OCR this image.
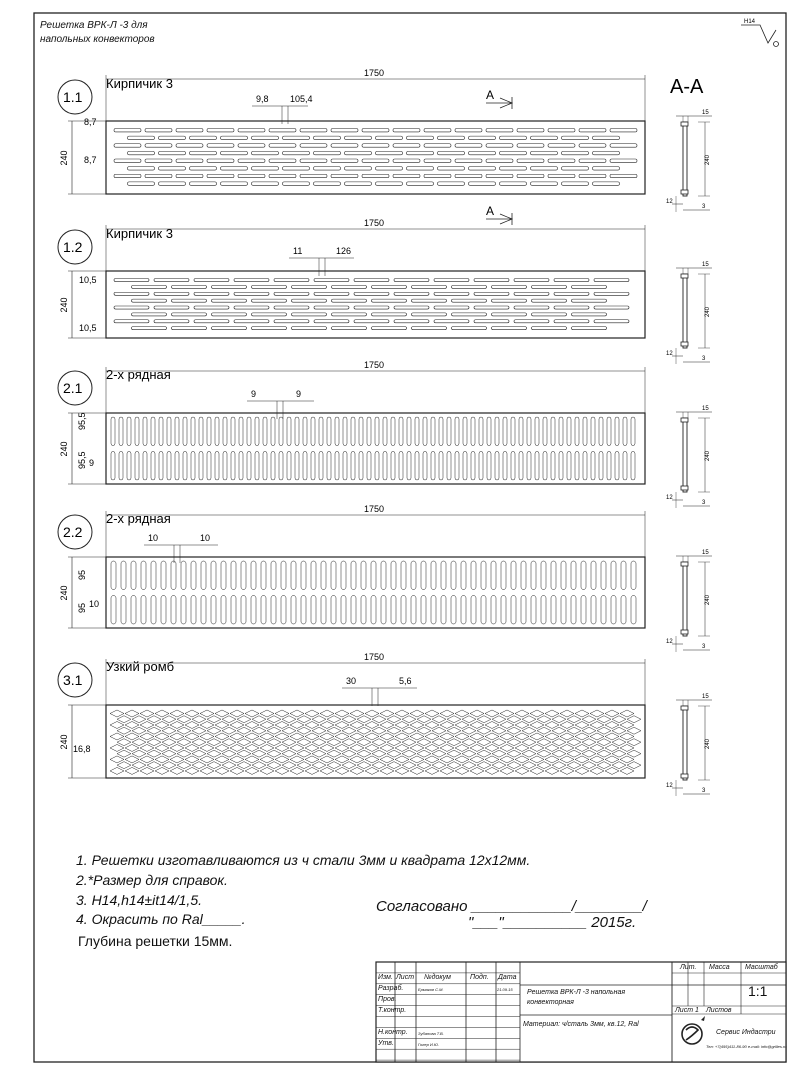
Решетка ВРК-Л -3 для
напольных конвекторов
Н14
А-А
1.1
Кирпичик 3
1750
240
1.2
Кирпичик 3
1750
240
2.1
2-х рядная
1750
240
2.2
2-х рядная
1750
240
3.1
Узкий ромб
1750
240
9,8 105,4
11	126
9	9
10	10
30	5,6
8,7
8,7
10,5
10,5
95,5
95,5 9
95
95 10
16,8
А
А
15
240
12
3
15
240
12
3
15
240
12
3
15
240
12
3
15
240
12
3
1. Решетки изготавливаются из ч стали 3мм и квадрата 12х12мм.
2.*Размер для справок.
3. Н14,h14±it14/1,5.
4. Окрасить по Ral_____.
Глубина решетки 15мм.
Согласовано ____________/________/
"___"__________ 2015г.
Изм. Лист №докум	Подп. Дата
Разраб.	Ермаков С.М.	21.09.15
Пров.
Т.контр.
Н.контр.	Зубанова Т.В.
Утв.	Голер И.Ю.
Решетка ВРК-Л -3 напольная
конвекторная
Материал: ч/сталь 3мм, кв.12, Ral
Лит. Масса Масштаб
1:1
Лист 1 Листов
Сервис Индастри
Тел: +7(495)411-86-90 e-mail: info@grilles.ru
